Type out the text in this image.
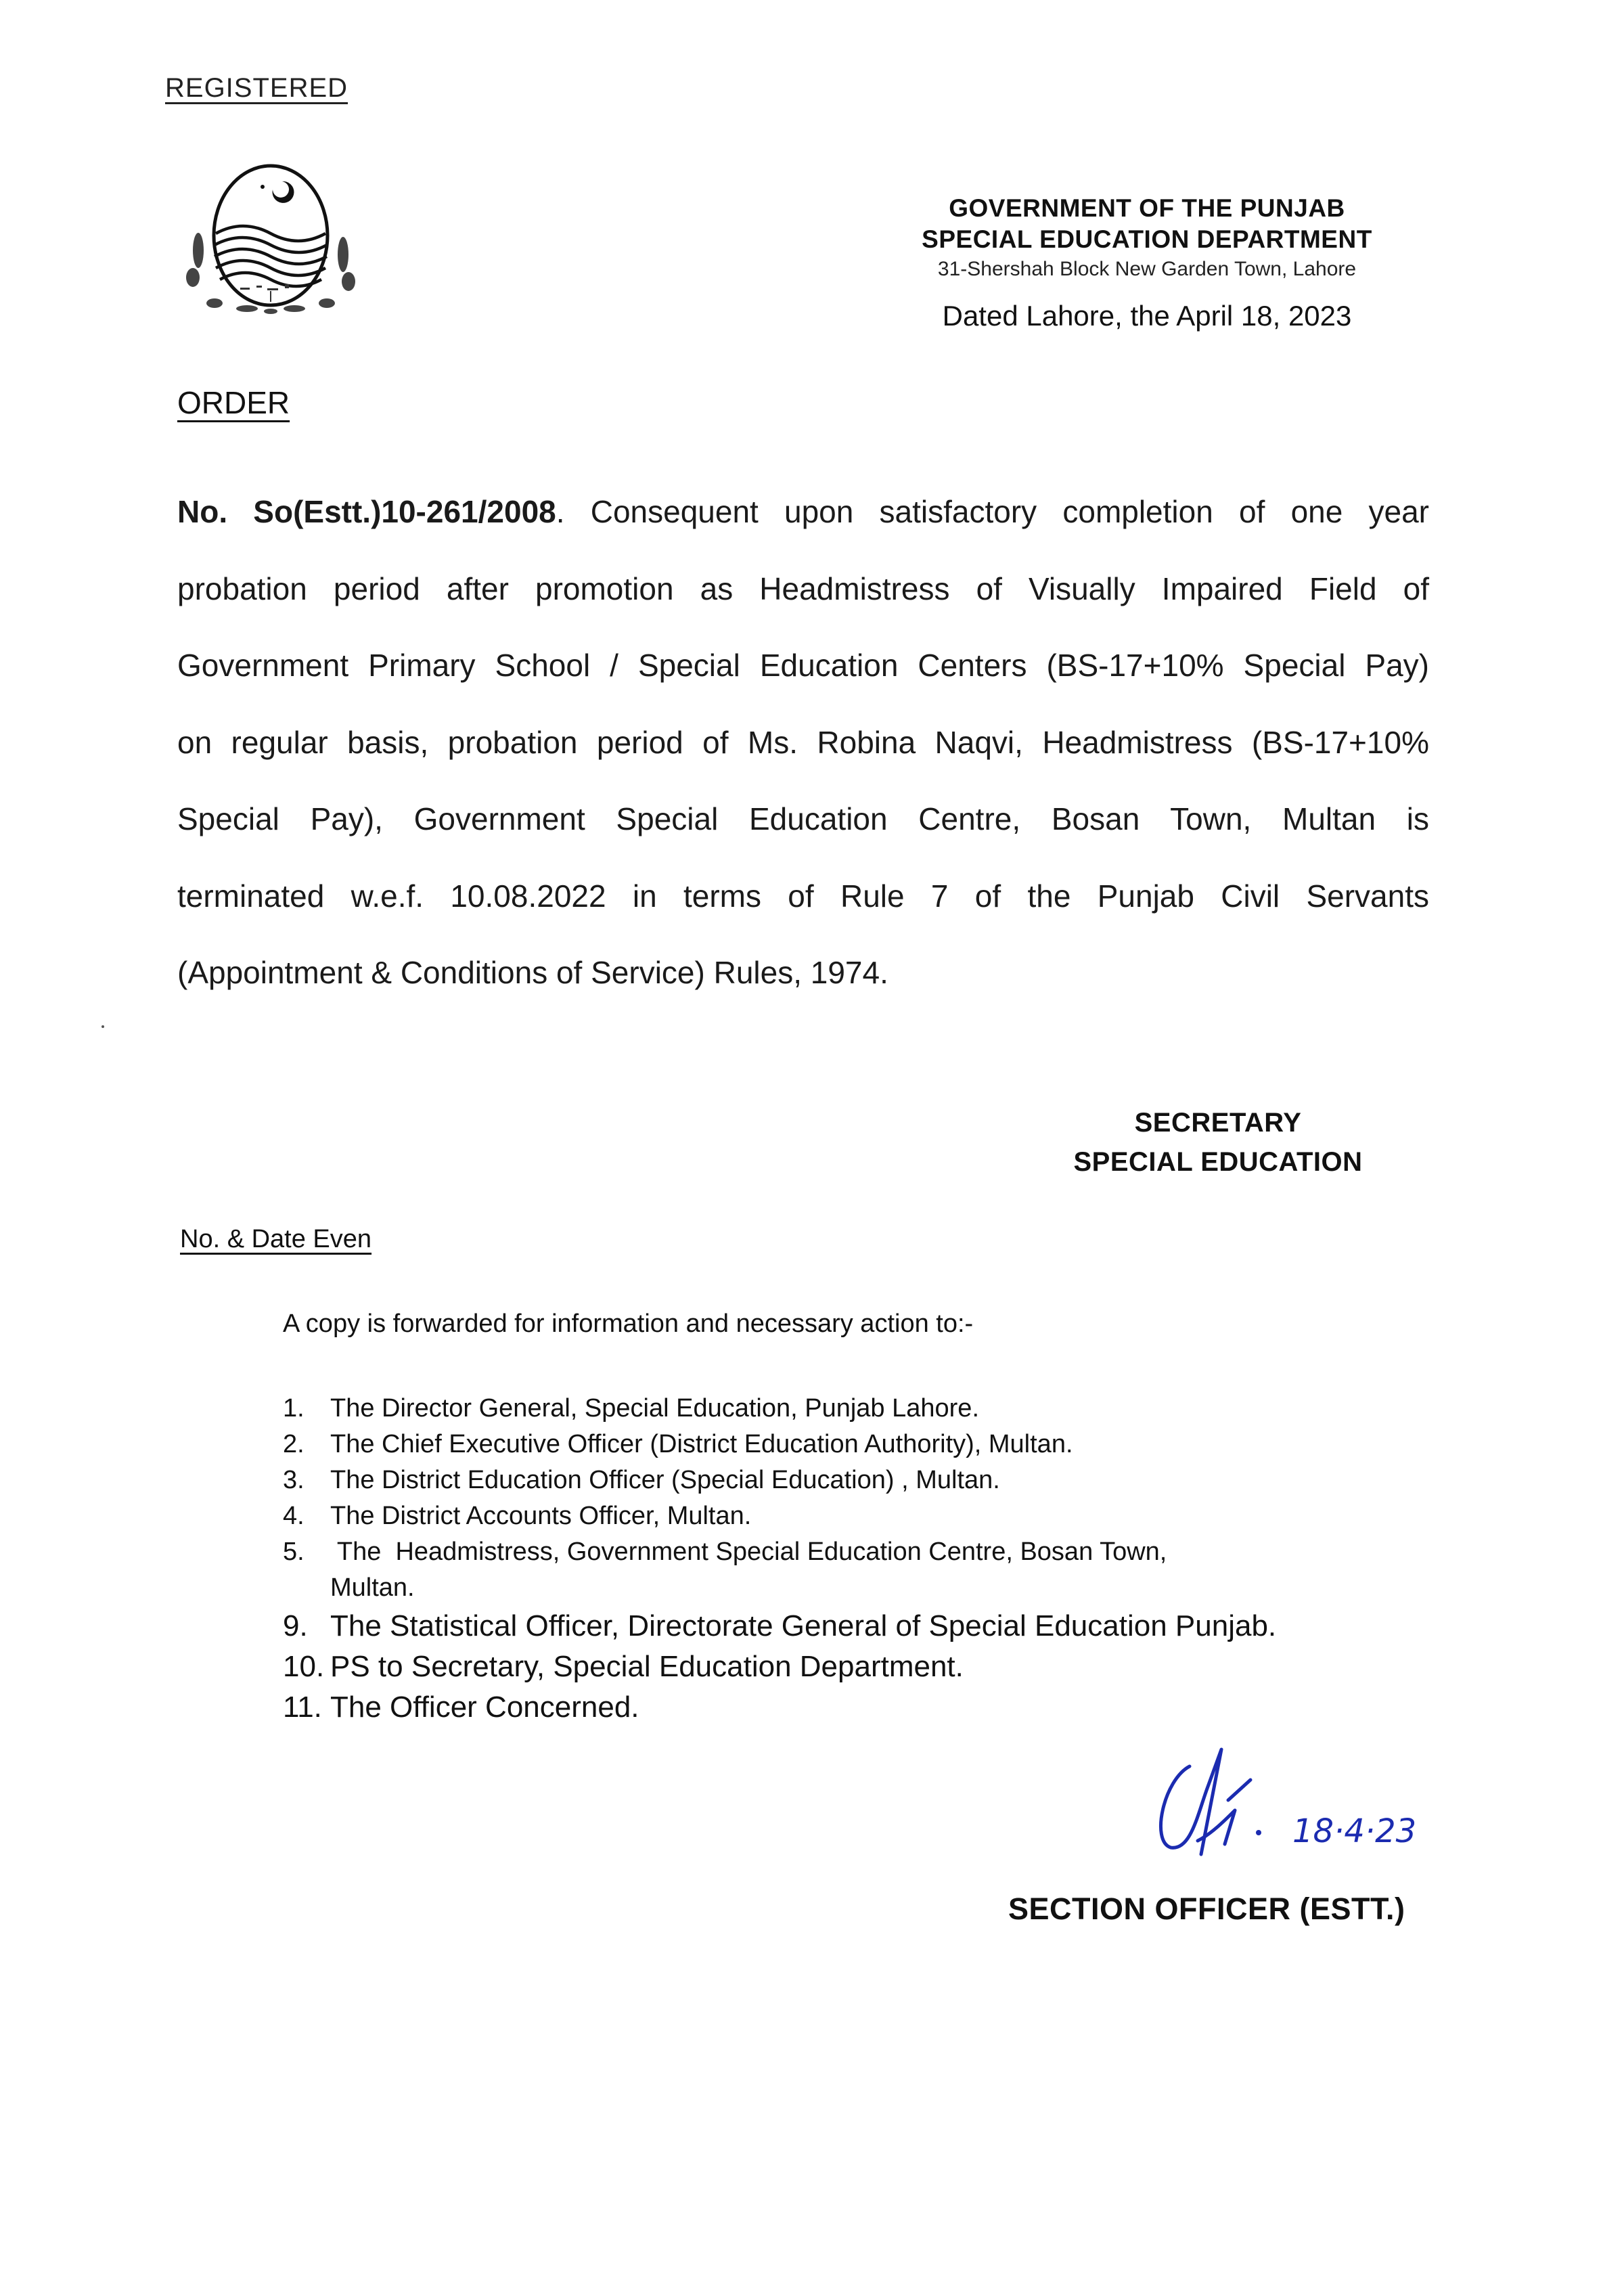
REGISTERED
GOVERNMENT OF THE PUNJAB
SPECIAL EDUCATION DEPARTMENT
31-Shershah Block New Garden Town, Lahore
Dated Lahore, the April 18, 2023
ORDER
No. So(Estt.)10-261/2008. Consequent upon satisfactory completion of one year
probation period after promotion as Headmistress of Visually Impaired Field of
Government Primary School / Special Education Centers (BS-17+10% Special Pay)
on regular basis, probation period of Ms. Robina Naqvi, Headmistress (BS-17+10%
Special Pay), Government Special Education Centre, Bosan Town, Multan is
terminated w.e.f. 10.08.2022 in terms of Rule 7 of the Punjab Civil Servants
(Appointment & Conditions of Service) Rules, 1974.
SECRETARY
SPECIAL EDUCATION
No. & Date Even
A copy is forwarded for information and necessary action to:-
1.	The Director General, Special Education, Punjab Lahore.
2.	The Chief Executive Officer (District Education Authority), Multan.
3.	The District Education Officer (Special Education) , Multan.
4.	The District Accounts Officer, Multan.
5.	The  Headmistress, Government Special Education Centre, Bosan Town,
Multan.
9. The Statistical Officer, Directorate General of Special Education Punjab.
10. PS to Secretary, Special Education Department.
11. The Officer Concerned.
18·4·23
SECTION OFFICER (ESTT.)
